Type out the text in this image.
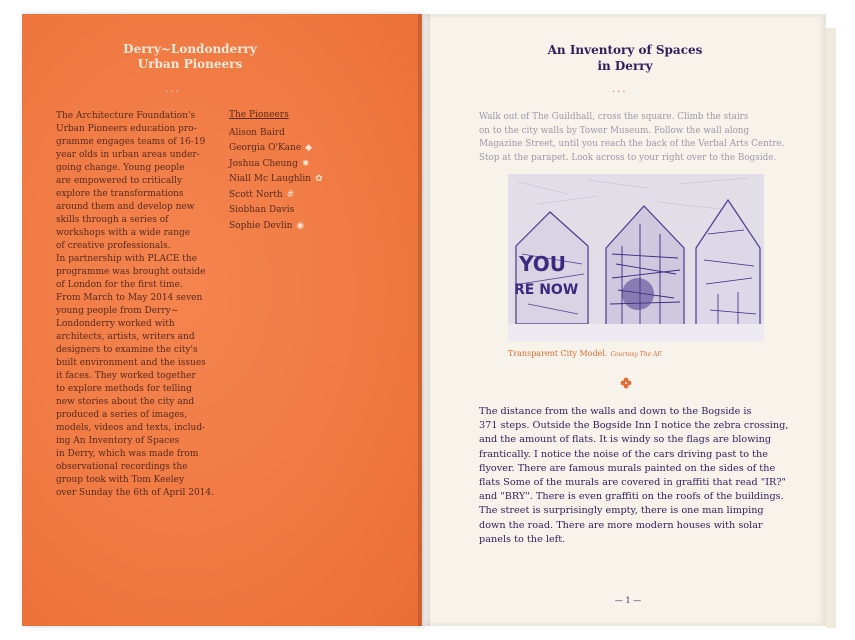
Derry~Londonderry
Urban Pioneers
...
The Architecture Foundation's
Urban Pioneers education pro-
gramme engages teams of 16-19
year olds in urban areas under-
going change. Young people
are empowered to critically
explore the transformations
around them and develop new
skills through a series of
workshops with a wide range
of creative professionals.
In partnership with PLACE the
programme was brought outside
of London for the first time.
From March to May 2014 seven
young people from Derry~
Londonderry worked with
architects, artists, writers and
designers to examine the city's
built environment and the issues
it faces. They worked together
to explore methods for telling
new stories about the city and
produced a series of images,
models, videos and texts, includ-
ing An Inventory of Spaces
in Derry, which was made from
observational recordings the
group took with Tom Keeley
over Sunday the 6th of April 2014.
The Pioneers
Alison Baird
Georgia O'Kane ◆
Joshua Cheung ✸
Niall Mc Laughlin ✿
Scott North #
Siobhan Davis
Sophie Devlin ◉
An Inventory of Spaces
in Derry
...
Walk out of The Guildhall, cross the square. Climb the stairs
on to the city walls by Tower Museum. Follow the wall along
Magazine Street, until you reach the back of the Verbal Arts Centre.
Stop at the parapet. Look across to your right over to the Bogside.
YOU
RE NOW
Transparent City Model. Courtesy The AF.
The distance from the walls and down to the Bogside is
371 steps. Outside the Bogside Inn I notice the zebra crossing,
and the amount of flats. It is windy so the flags are blowing
frantically. I notice the noise of the cars driving past to the
flyover. There are famous murals painted on the sides of the
flats Some of the murals are covered in graffiti that read "IR?"
and "BRY". There is even graffiti on the roofs of the buildings.
The street is surprisingly empty, there is one man limping
down the road. There are more modern houses with solar
panels to the left.
— 1 —
